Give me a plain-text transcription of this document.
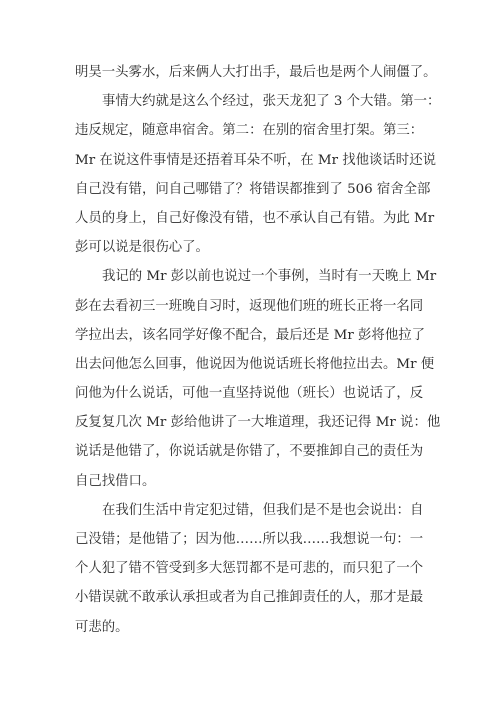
明昊一头雾水，后来俩人大打出手，最后也是两个人闹僵了。
事情大约就是这么个经过，张天龙犯了 3 个大错。第一：
违反规定，随意串宿舍。第二：在别的宿舍里打架。第三：
Mr 在说这件事情是还捂着耳朵不听，在 Mr 找他谈话时还说
自己没有错，问自己哪错了？将错误都推到了 506 宿舍全部
人员的身上，自己好像没有错，也不承认自己有错。为此 Mr
彭可以说是很伤心了。
我记的 Mr 彭以前也说过一个事例，当时有一天晚上 Mr
彭在去看初三一班晚自习时，返现他们班的班长正将一名同
学拉出去，该名同学好像不配合，最后还是 Mr 彭将他拉了
出去问他怎么回事，他说因为他说话班长将他拉出去。Mr 便
问他为什么说话，可他一直坚持说他（班长）也说话了，反
反复复几次 Mr 彭给他讲了一大堆道理，我还记得 Mr 说：他
说话是他错了，你说话就是你错了，不要推卸自己的责任为
自己找借口。
在我们生活中肯定犯过错，但我们是不是也会说出：自
己没错；是他错了；因为他……所以我……我想说一句：一
个人犯了错不管受到多大惩罚都不是可悲的，而只犯了一个
小错误就不敢承认承担或者为自己推卸责任的人，那才是最
可悲的。
